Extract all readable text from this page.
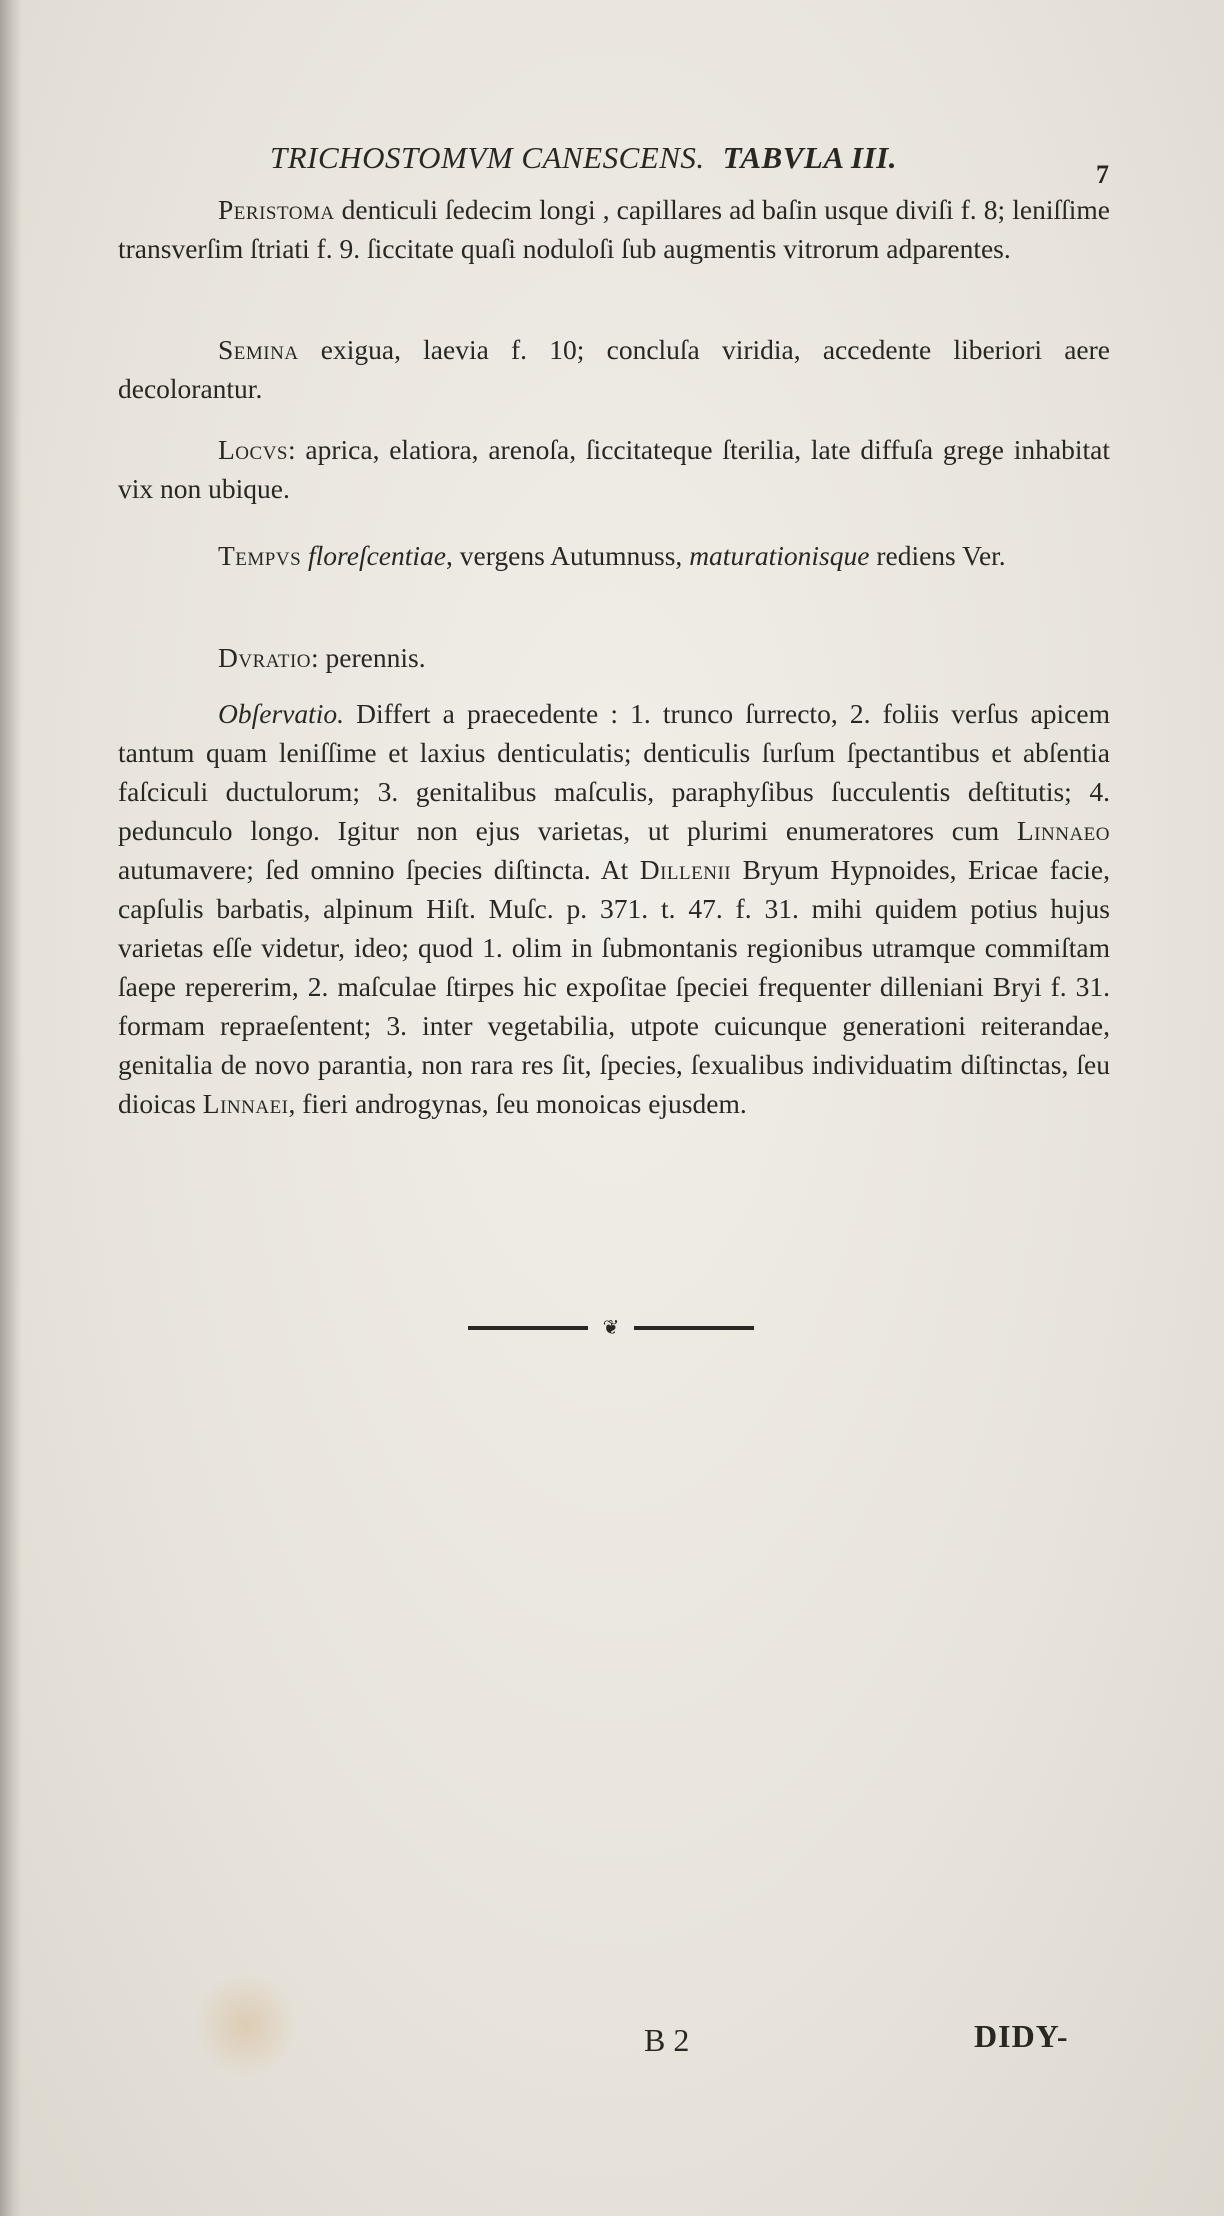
TRICHOSTOMVM CANESCENS. TABVLA III.	7

Peristoma denticuli ſedecim longi , capillares ad baſin usque diviſi f. 8; leniſſime transverſim ſtriati f. 9. ſiccitate quaſi noduloſi ſub augmentis vitrorum adparentes.

Semina exigua, laevia f. 10; concluſa viridia, accedente liberiori aere decolorantur.

Locvs: aprica, elatiora, arenoſa, ſiccitateque ſterilia, late diffuſa grege inhabitat vix non ubique.

Tempvs floreſcentiae, vergens Autumnuss, maturationisque rediens Ver.

Dvratio: perennis.

Obſervatio. Differt a praecedente : 1. trunco ſurrecto, 2. foliis verſus apicem tantum quam leniſſime et laxius denticulatis; denticulis ſurſum ſpectantibus et abſentia faſciculi ductulorum; 3. genitalibus maſculis, paraphyſibus ſucculentis deſtitutis; 4. pedunculo longo. Igitur non ejus varietas, ut plurimi enumeratores cum Linnaeo autumavere; ſed omnino ſpecies diſtincta. At Dillenii Bryum Hypnoides, Ericae facie, capſulis barbatis, alpinum Hiſt. Muſc. p. 371. t. 47. f. 31. mihi quidem potius hujus varietas eſſe videtur, ideo; quod 1. olim in ſubmontanis regionibus utramque commiſtam ſaepe repererim, 2. maſculae ſtirpes hic expoſitae ſpeciei frequenter dilleniani Bryi f. 31. formam repraeſentent; 3. inter vegetabilia, utpote cuicunque generationi reiterandae, genitalia de novo parantia, non rara res ſit, ſpecies, ſexualibus individuatim diſtinctas, ſeu dioicas Linnaei, fieri androgynas, ſeu monoicas ejusdem.

❦
B 2	DIDY-
